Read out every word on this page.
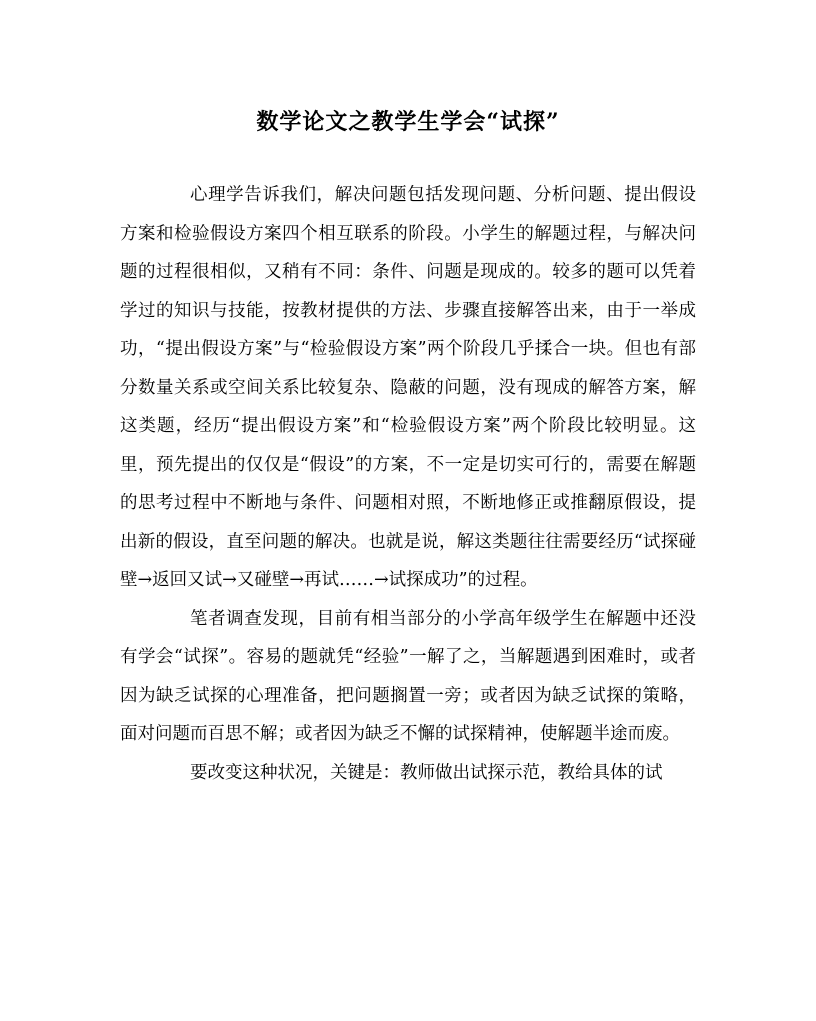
数学论文之教学生学会“试探”

心理学告诉我们，解决问题包括发现问题、分析问题、提出假设方案和检验假设方案四个相互联系的阶段。小学生的解题过程，与解决问题的过程很相似，又稍有不同：条件、问题是现成的。较多的题可以凭着学过的知识与技能，按教材提供的方法、步骤直接解答出来，由于一举成功，“提出假设方案”与“检验假设方案”两个阶段几乎揉合一块。但也有部分数量关系或空间关系比较复杂、隐蔽的问题，没有现成的解答方案，解这类题，经历“提出假设方案”和“检验假设方案”两个阶段比较明显。这里，预先提出的仅仅是“假设”的方案，不一定是切实可行的，需要在解题的思考过程中不断地与条件、问题相对照，不断地修正或推翻原假设，提出新的假设，直至问题的解决。也就是说，解这类题往往需要经历“试探碰壁→返回又试→又碰壁→再试……→试探成功”的过程。

笔者调查发现，目前有相当部分的小学高年级学生在解题中还没有学会“试探”。容易的题就凭“经验”一解了之，当解题遇到困难时，或者因为缺乏试探的心理准备，把问题搁置一旁；或者因为缺乏试探的策略，面对问题而百思不解；或者因为缺乏不懈的试探精神，使解题半途而废。

要改变这种状况，关键是：教师做出试探示范，教给具体的试
